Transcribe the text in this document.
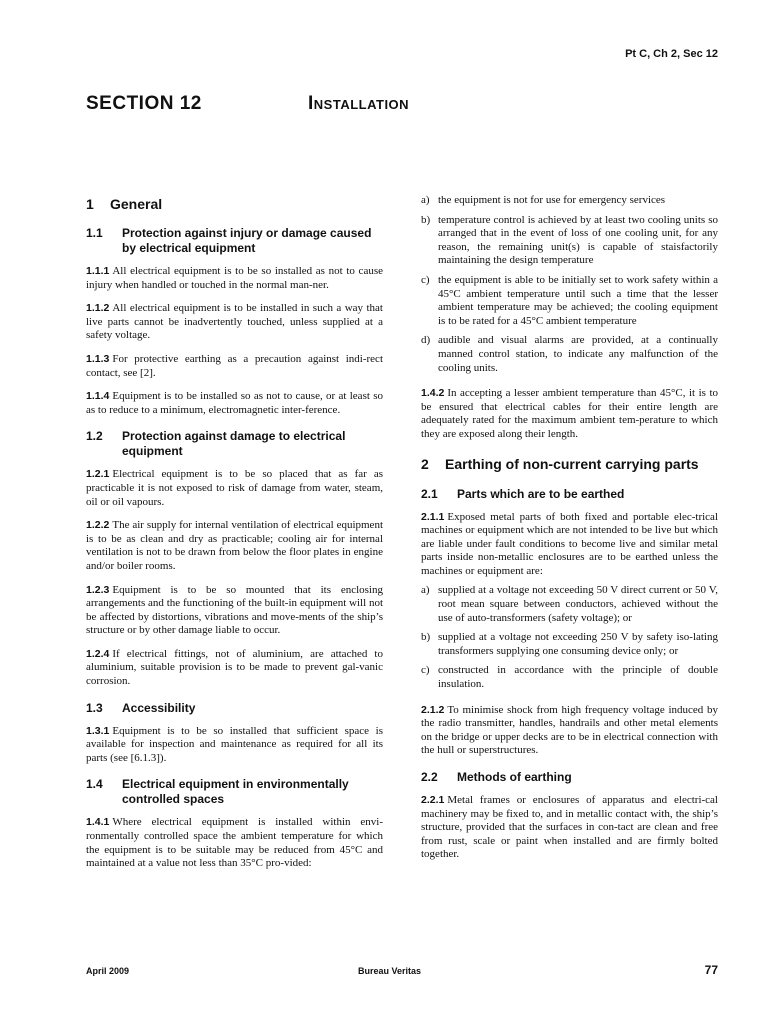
Pt C, Ch 2, Sec 12
SECTION 12	Installation
1	General
1.1	Protection against injury or damage caused by electrical equipment

1.1.1 All electrical equipment is to be so installed as not to cause injury when handled or touched in the normal man-ner.

1.1.2 All electrical equipment is to be installed in such a way that live parts cannot be inadvertently touched, unless supplied at a safety voltage.

1.1.3 For protective earthing as a precaution against indi-rect contact, see [2].

1.1.4 Equipment is to be installed so as not to cause, or at least so as to reduce to a minimum, electromagnetic inter-ference.

1.2	Protection against damage to electrical equipment

1.2.1 Electrical equipment is to be so placed that as far as practicable it is not exposed to risk of damage from water, steam, oil or oil vapours.

1.2.2 The air supply for internal ventilation of electrical equipment is to be as clean and dry as practicable; cooling air for internal ventilation is not to be drawn from below the floor plates in engine and/or boiler rooms.

1.2.3 Equipment is to be so mounted that its enclosing arrangements and the functioning of the built-in equipment will not be affected by distortions, vibrations and move-ments of the ship’s structure or by other damage liable to occur.

1.2.4 If electrical fittings, not of aluminium, are attached to aluminium, suitable provision is to be made to prevent gal-vanic corrosion.

1.3	Accessibility

1.3.1 Equipment is to be so installed that sufficient space is available for inspection and maintenance as required for all its parts (see [6.1.3]).

1.4	Electrical equipment in environmentally controlled spaces

1.4.1 Where electrical equipment is installed within envi-ronmentally controlled space the ambient temperature for which the equipment is to be suitable may be reduced from 45°C and maintained at a value not less than 35°C pro-vided:

a) the equipment is not for use for emergency services
b) temperature control is achieved by at least two cooling units so arranged that in the event of loss of one cooling unit, for any reason, the remaining unit(s) is capable of staisfactorily maintaining the design temperature
c) the equipment is able to be initially set to work safety within a 45°C ambient temperature until such a time that the lesser ambient temperature may be achieved; the cooling equipment is to be rated for a 45°C ambient temperature
d) audible and visual alarms are provided, at a continually manned control station, to indicate any malfunction of the cooling units.

1.4.2 In accepting a lesser ambient temperature than 45°C, it is to be ensured that electrical cables for their entire length are adequately rated for the maximum ambient tem-perature to which they are exposed along their length.

2	Earthing of non-current carrying parts
2.1	Parts which are to be earthed

2.1.1 Exposed metal parts of both fixed and portable elec-trical machines or equipment which are not intended to be live but which are liable under fault conditions to become live and similar metal parts inside non-metallic enclosures are to be earthed unless the machines or equipment are:

a) supplied at a voltage not exceeding 50 V direct current or 50 V, root mean square between conductors, achieved without the use of auto-transformers (safety voltage); or
b) supplied at a voltage not exceeding 250 V by safety iso-lating transformers supplying one consuming device only; or
c) constructed in accordance with the principle of double insulation.

2.1.2 To minimise shock from high frequency voltage induced by the radio transmitter, handles, handrails and other metal elements on the bridge or upper decks are to be in electrical connection with the hull or superstructures.

2.2	Methods of earthing

2.2.1 Metal frames or enclosures of apparatus and electri-cal machinery may be fixed to, and in metallic contact with, the ship’s structure, provided that the surfaces in con-tact are clean and free from rust, scale or paint when installed and are firmly bolted together.

April 2009	Bureau Veritas	77
